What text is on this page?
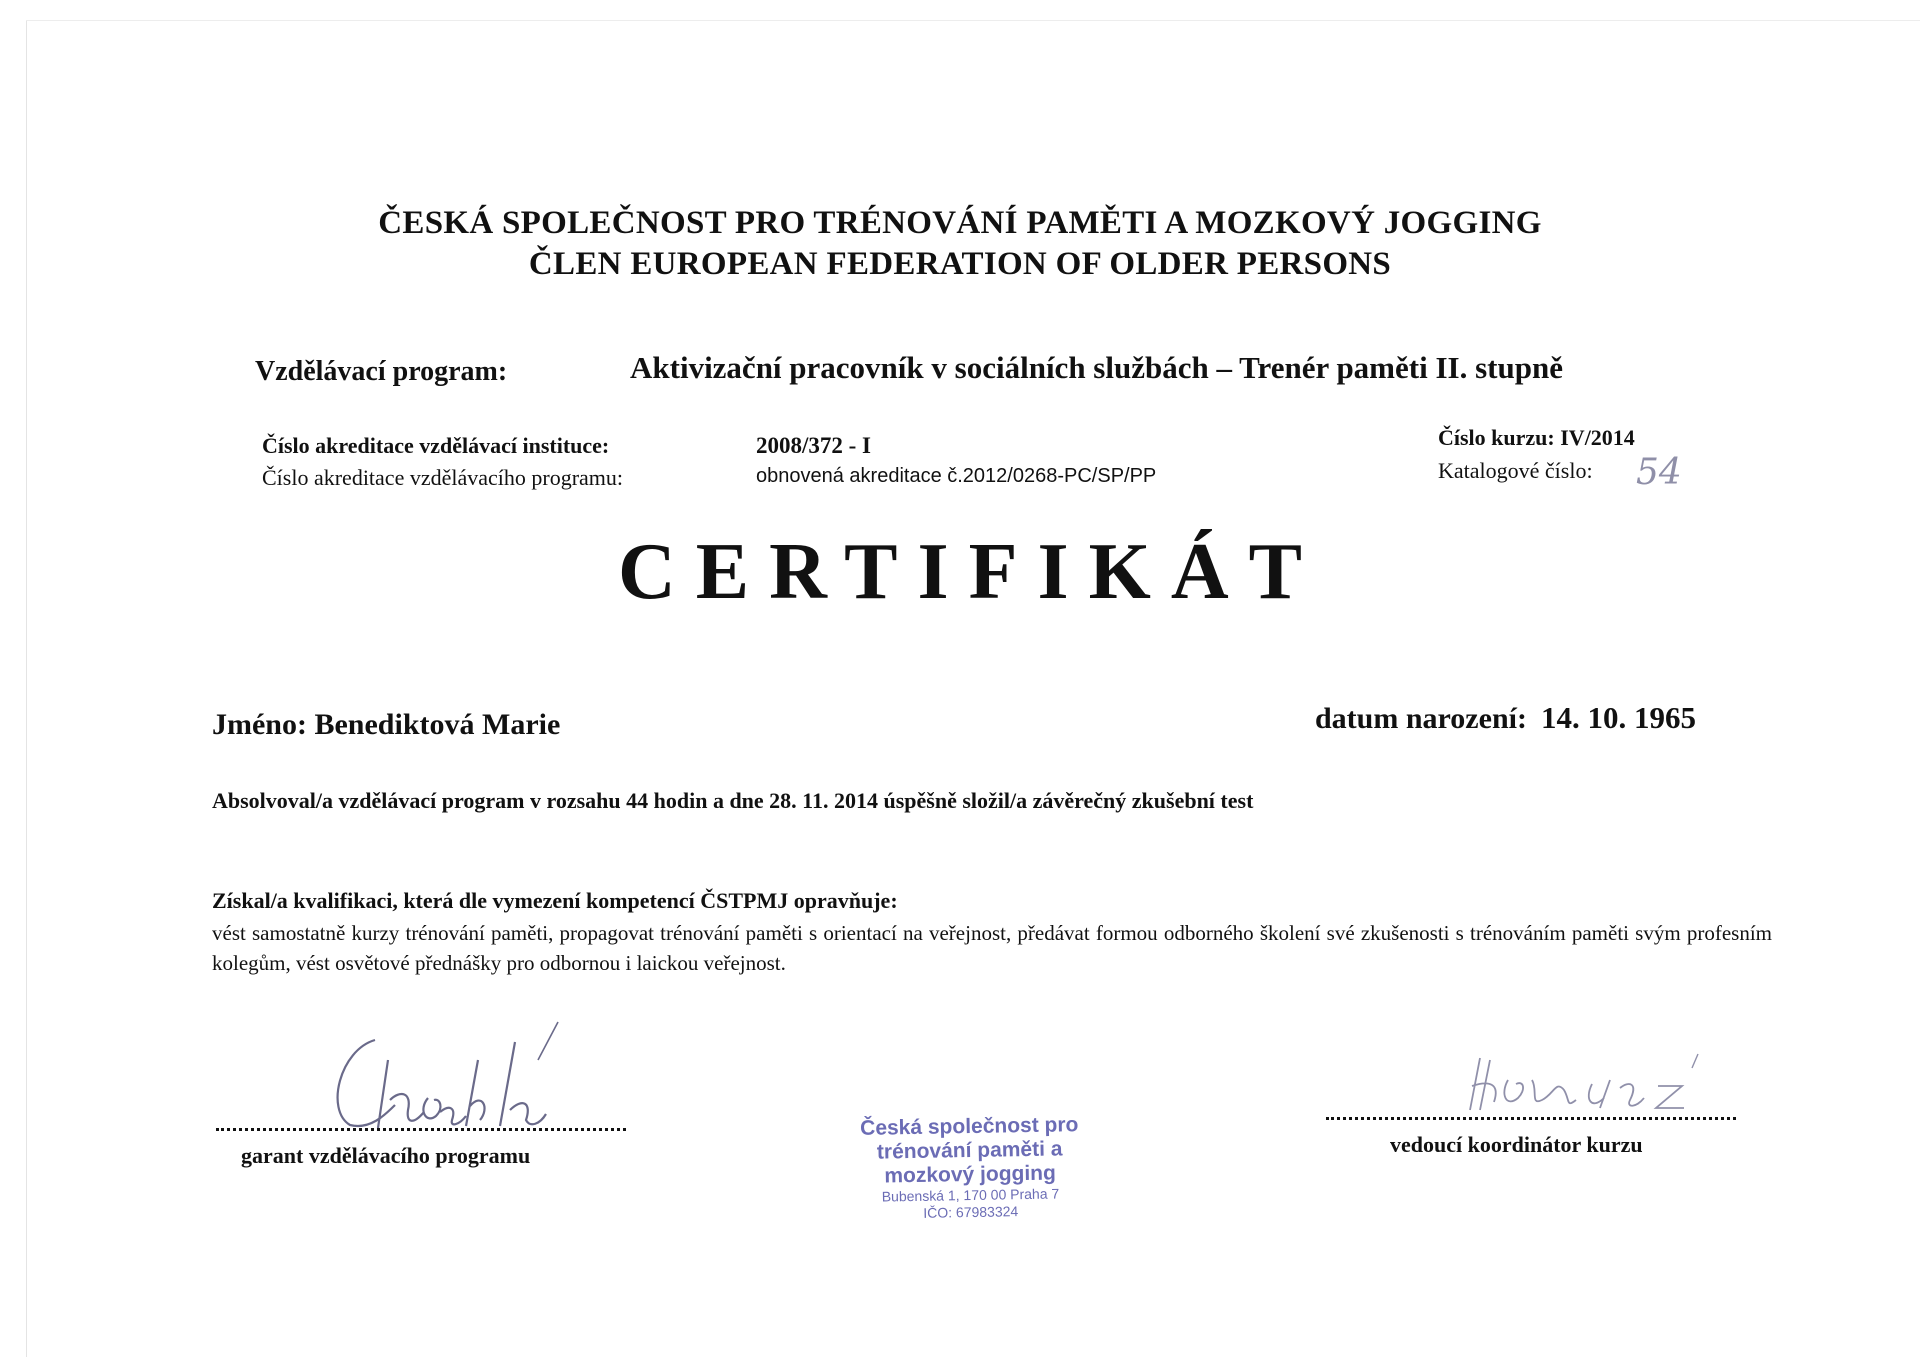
ČESKÁ SPOLEČNOST PRO TRÉNOVÁNÍ PAMĚTI A MOZKOVÝ JOGGING
ČLEN EUROPEAN FEDERATION OF OLDER PERSONS
Vzdělávací program:	Aktivizační pracovník v sociálních službách – Trenér paměti II. stupně
Číslo akreditace vzdělávací instituce:	2008/372 - I
Číslo akreditace vzdělávacího programu:	obnovená akreditace č.2012/0268-PC/SP/PP
Číslo kurzu: IV/2014
Katalogové číslo: 54
CERTIFIKÁT
Jméno: Benediktová Marie	datum narození: 14. 10. 1965
Absolvoval/a vzdělávací program v rozsahu 44 hodin a dne 28. 11. 2014 úspěšně složil/a závěrečný zkušební test
Získal/a kvalifikaci, která dle vymezení kompetencí ČSTPMJ opravňuje:
vést samostatně kurzy trénování paměti, propagovat trénování paměti s orientací na veřejnost, předávat formou odborného školení své zkušenosti s trénováním paměti svým profesním kolegům, vést osvětové přednášky pro odbornou i laickou veřejnost.
garant vzdělávacího programu
Česká společnost pro
trénování paměti a
mozkový jogging
Bubenská 1, 170 00 Praha 7
IČO: 67983324
vedoucí koordinátor kurzu
